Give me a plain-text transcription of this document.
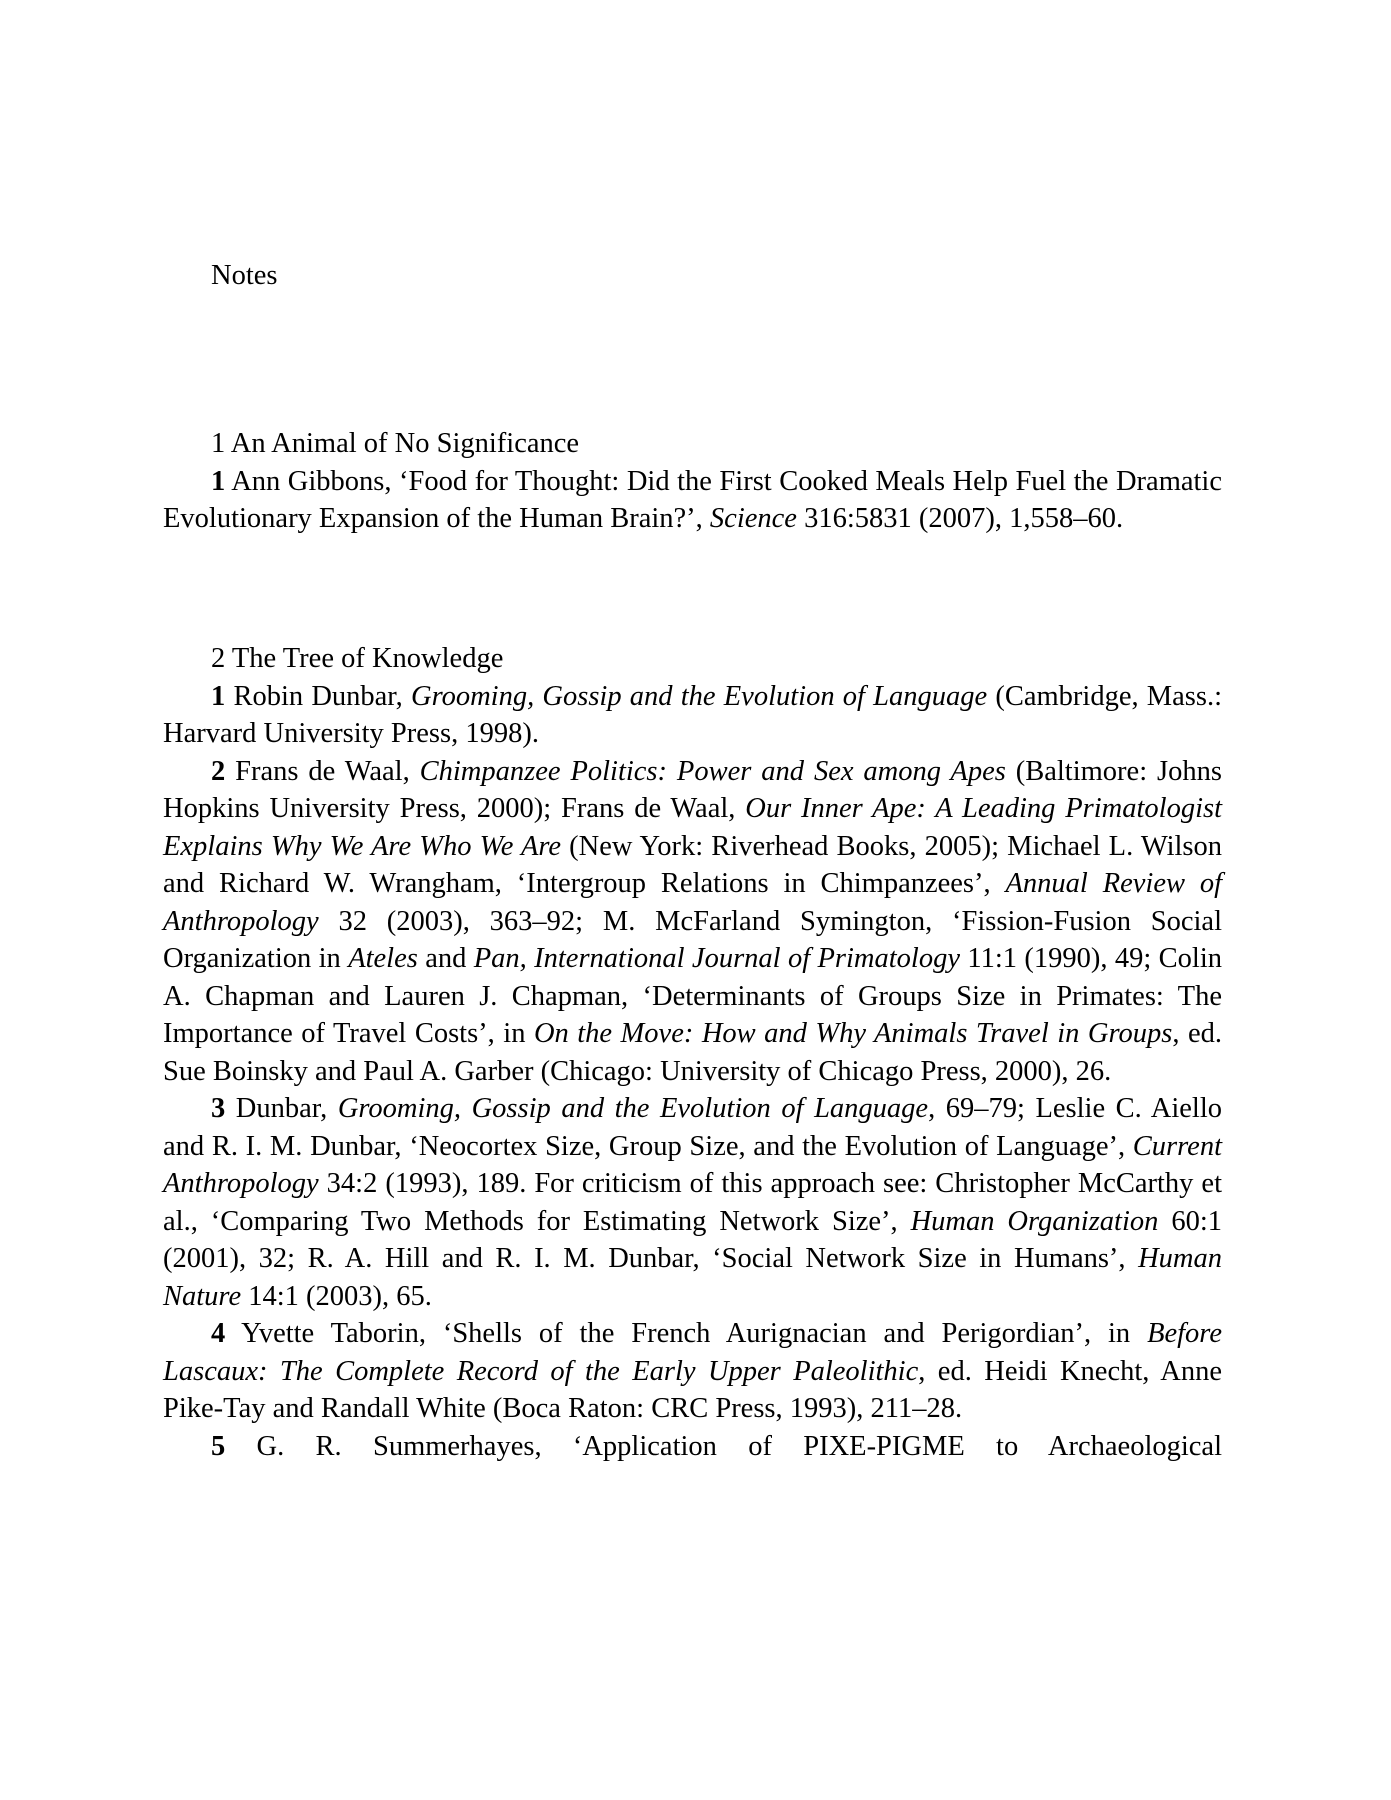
Notes
1 An Animal of No Significance

1 Ann Gibbons, ‘Food for Thought: Did the First Cooked Meals Help Fuel the Dramatic Evolutionary Expansion of the Human Brain?’, Science 316:5831 (2007), 1,558–60.

2 The Tree of Knowledge

1 Robin Dunbar, Grooming, Gossip and the Evolution of Language (Cambridge, Mass.: Harvard University Press, 1998).

2 Frans de Waal, Chimpanzee Politics: Power and Sex among Apes (Baltimore: Johns Hopkins University Press, 2000); Frans de Waal, Our Inner Ape: A Leading Primatologist Explains Why We Are Who We Are (New York: Riverhead Books, 2005); Michael L. Wilson and Richard W. Wrangham, ‘Intergroup Relations in Chimpanzees’, Annual Review of Anthropology 32 (2003), 363–92; M. McFarland Symington, ‘Fission-Fusion Social Organization in Ateles and Pan, International Journal of Primatology 11:1 (1990), 49; Colin A. Chapman and Lauren J. Chapman, ‘Determinants of Groups Size in Primates: The Importance of Travel Costs’, in On the Move: How and Why Animals Travel in Groups, ed. Sue Boinsky and Paul A. Garber (Chicago: University of Chicago Press, 2000), 26.

3 Dunbar, Grooming, Gossip and the Evolution of Language, 69–79; Leslie C. Aiello and R. I. M. Dunbar, ‘Neocortex Size, Group Size, and the Evolution of Language’, Current Anthropology 34:2 (1993), 189. For criticism of this approach see: Christopher McCarthy et al., ‘Comparing Two Methods for Estimating Network Size’, Human Organization 60:1 (2001), 32; R. A. Hill and R. I. M. Dunbar, ‘Social Network Size in Humans’, Human Nature 14:1 (2003), 65.

4 Yvette Taborin, ‘Shells of the French Aurignacian and Perigordian’, in Before Lascaux: The Complete Record of the Early Upper Paleolithic, ed. Heidi Knecht, Anne Pike-Tay and Randall White (Boca Raton: CRC Press, 1993), 211–28.

5 G. R. Summerhayes, ‘Application of PIXE-PIGME to Archaeological
